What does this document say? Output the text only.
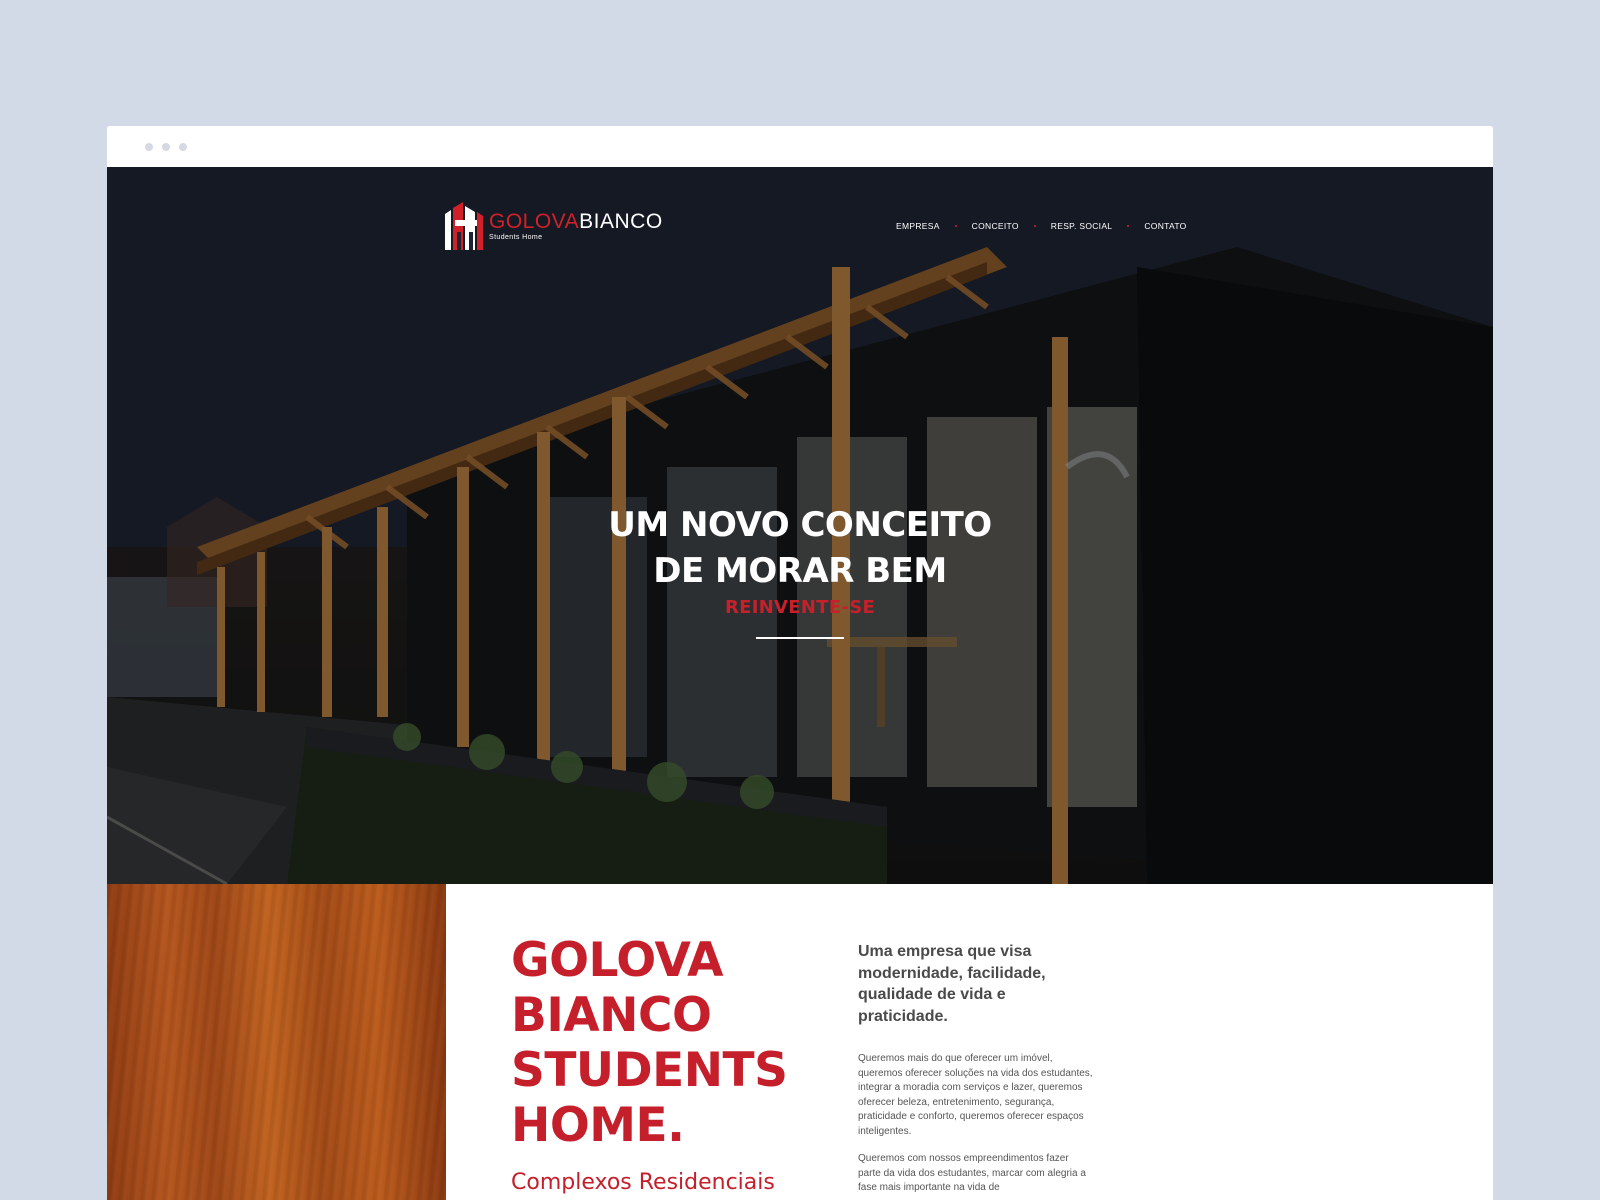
GOLOVABIANCO
Students Home
EMPRESA	CONCEITO	RESP. SOCIAL	CONTATO
UM NOVO CONCEITO
DE MORAR BEM
REINVENTE-SE
GOLOVA BIANCO STUDENTS HOME.
Complexos Residenciais

Uma empresa que visa modernidade, facilidade, qualidade de vida e praticidade.

Queremos mais do que oferecer um imóvel, queremos oferecer soluções na vida dos estudantes, integrar a moradia com serviços e lazer, queremos oferecer beleza, entretenimento, segurança, praticidade e conforto, queremos oferecer espaços inteligentes.

Queremos com nossos empreendimentos fazer parte da vida dos estudantes, marcar com alegria a fase mais importante na vida de
